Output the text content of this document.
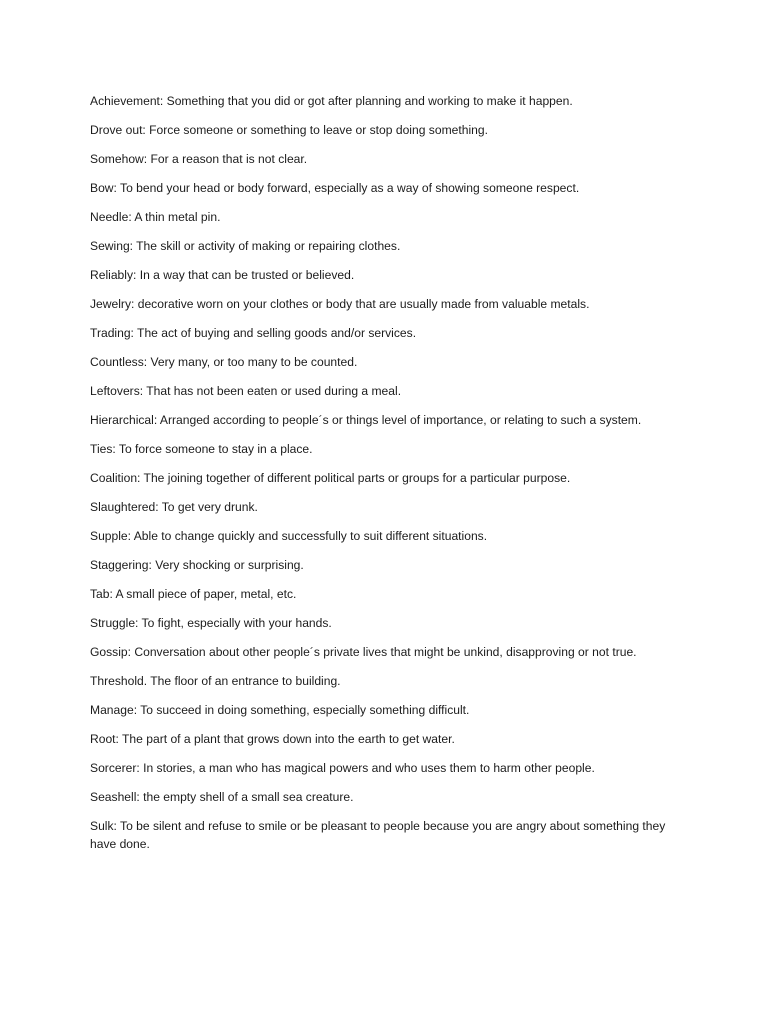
Achievement: Something that you did or got after planning and working to make it happen.
Drove out: Force someone or something to leave or stop doing something.
Somehow: For a reason that is not clear.
Bow: To bend your head or body forward, especially as a way of showing someone respect.
Needle: A thin metal pin.
Sewing: The skill or activity of making or repairing clothes.
Reliably: In a way that can be trusted or believed.
Jewelry: decorative worn on your clothes or body that are usually made from valuable metals.
Trading: The act of buying and selling goods and/or services.
Countless: Very many, or too many to be counted.
Leftovers: That has not been eaten or used during a meal.
Hierarchical: Arranged according to people´s or things level of importance, or relating to such a system.
Ties: To force someone to stay in a place.
Coalition: The joining together of different political parts or groups for a particular purpose.
Slaughtered: To get very drunk.
Supple: Able to change quickly and successfully to suit different situations.
Staggering: Very shocking or surprising.
Tab: A small piece of paper, metal, etc.
Struggle: To fight, especially with your hands.
Gossip: Conversation about other people´s private lives that might be unkind, disapproving or not true.
Threshold. The floor of an entrance to building.
Manage: To succeed in doing something, especially something difficult.
Root: The part of a plant that grows down into the earth to get water.
Sorcerer: In stories, a man who has magical powers and who uses them to harm other people.
Seashell: the empty shell of a small sea creature.
Sulk: To be silent and refuse to smile or be pleasant to people because you are angry about something they have done.
